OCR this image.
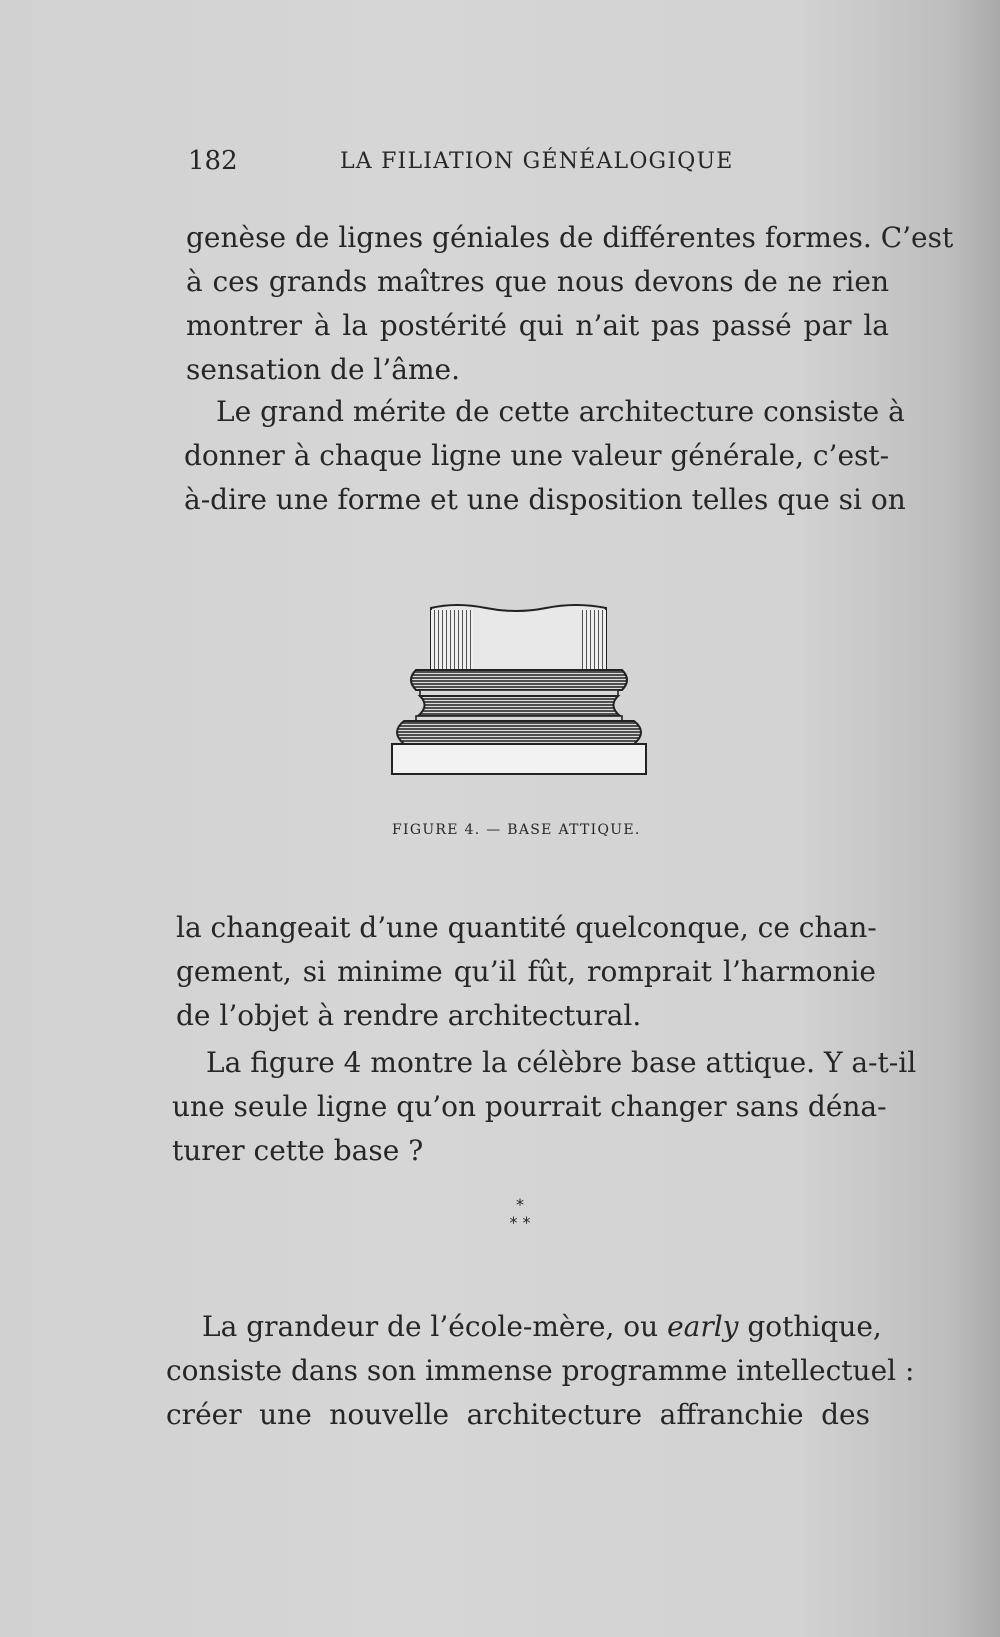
182	LA FILIATION GÉNÉALOGIQUE
genèse de lignes géniales de différentes formes. C’est
à ces grands maîtres que nous devons de ne rien
montrer à la postérité qui n’ait pas passé par la
sensation de l’âme.
Le grand mérite de cette architecture consiste à
donner à chaque ligne une valeur générale, c’est-
à-dire une forme et une disposition telles que si on
FIGURE 4. — BASE ATTIQUE.
la changeait d’une quantité quelconque, ce chan-
gement, si minime qu’il fût, romprait l’harmonie
de l’objet à rendre architectural.
La figure 4 montre la célèbre base attique. Y a-t-il
une seule ligne qu’on pourrait changer sans déna-
turer cette base ?
*
* *
La grandeur de l’école-mère, ou early gothique,
consiste dans son immense programme intellectuel :
créer une nouvelle architecture affranchie des
